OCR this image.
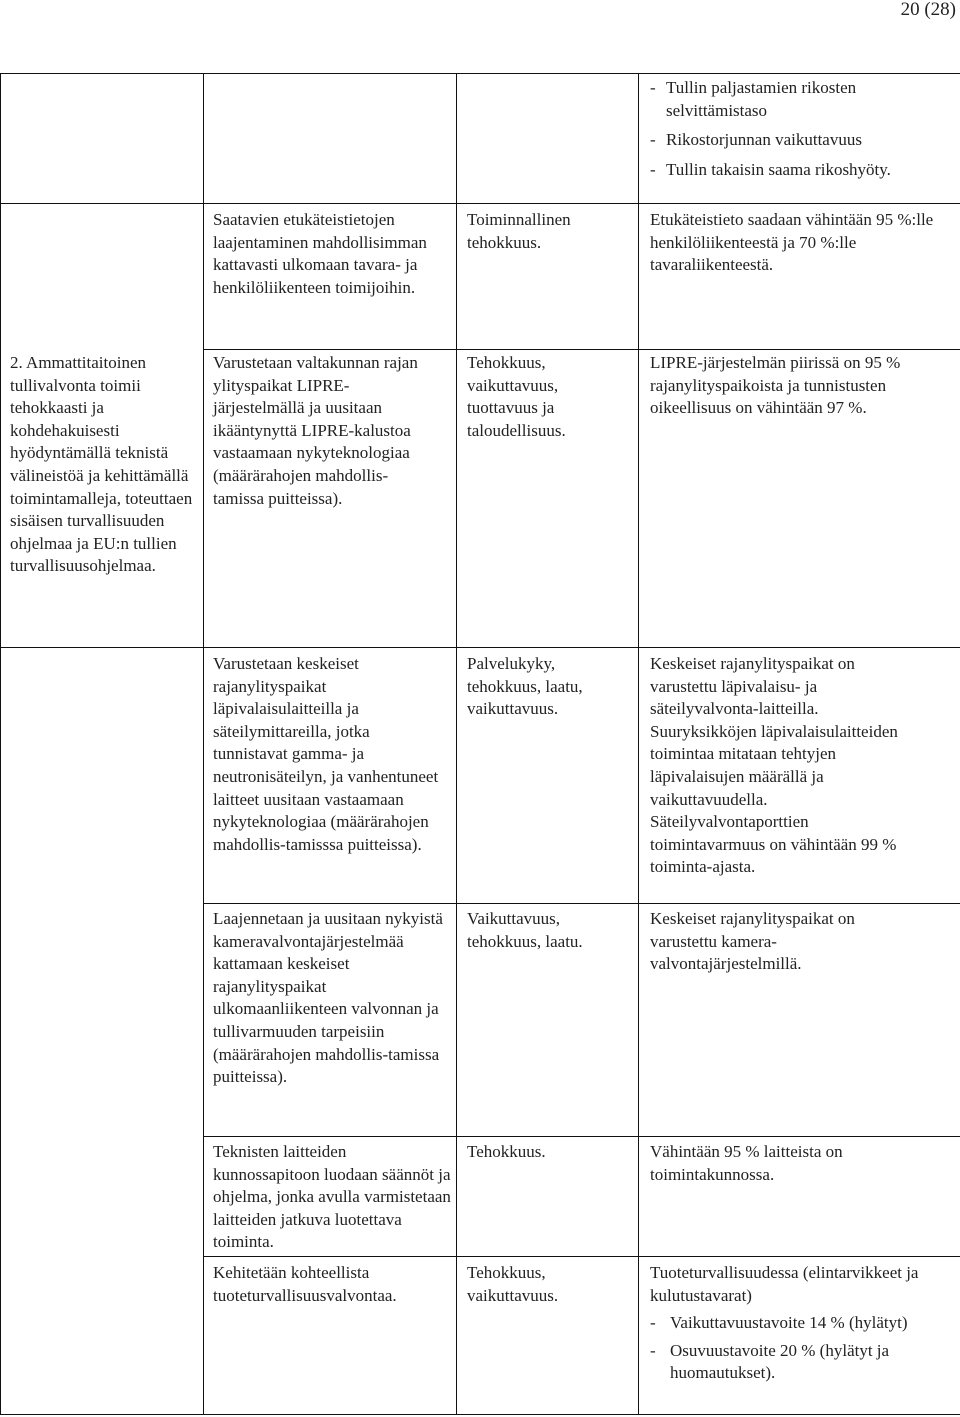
20 (28)
- Tullin paljastamien rikosten selvittämistaso
- Rikostorjunnan vaikuttavuus
- Tullin takaisin saama rikoshyöty.

Saatavien etukäteistietojen laajentaminen mahdollisimman kattavasti ulkomaan tavara- ja henkilöliikenteen toimijoihin.

Toiminnallinen tehokkuus.

Etukäteistieto saadaan vähintään 95 %:lle henkilöliikenteestä ja 70 %:lle tavaraliikenteestä.

2. Ammattitaitoinen tullivalvonta toimii tehokkaasti ja kohdehakuisesti hyödyntämällä teknistä välineistöä ja kehittämällä toimintamalleja, toteuttaen sisäisen turvallisuuden ohjelmaa ja EU:n tullien turvallisuusohjelmaa.

Varustetaan valtakunnan rajan ylityspaikat LIPRE-järjestelmällä ja uusitaan ikääntynyttä LIPRE-kalustoa vastaamaan nykyteknologiaa (määrärahojen mahdollis-tamissa puitteissa).

Tehokkuus, vaikuttavuus, tuottavuus ja taloudellisuus.

LIPRE-järjestelmän piirissä on 95 % rajanylityspaikoista ja tunnistusten oikeellisuus on vähintään 97 %.

Varustetaan keskeiset rajanylityspaikat läpivalaisulaitteilla ja säteilymittareilla, jotka tunnistavat gamma- ja neutronisäteilyn, ja vanhentuneet laitteet uusitaan vastaamaan nykyteknologiaa (määrärahojen mahdollis-tamisssa puitteissa).

Palvelukyky, tehokkuus, laatu, vaikuttavuus.

Keskeiset rajanylityspaikat on varustettu läpivalaisu- ja säteilyvalvonta-laitteilla. Suuryksikköjen läpivalaisulaitteiden toimintaa mitataan tehtyjen läpivalaisujen määrällä ja vaikuttavuudella. Säteilyvalvontaporttien toimintavarmuus on vähintään 99 % toiminta-ajasta.

Laajennetaan ja uusitaan nykyistä kameravalvontajärjestelmää kattamaan keskeiset rajanylityspaikat ulkomaanliikenteen valvonnan ja tullivarmuuden tarpeisiin (määrärahojen mahdollis-tamissa puitteissa).

Vaikuttavuus, tehokkuus, laatu.

Keskeiset rajanylityspaikat on varustettu kamera-valvontajärjestelmillä.

Teknisten laitteiden kunnossapitoon luodaan säännöt ja ohjelma, jonka avulla varmistetaan laitteiden jatkuva luotettava toiminta.

Tehokkuus.	Vähintään 95 % laitteista on toimintakunnossa.

Kehitetään kohteellista tuoteturvallisuusvalvontaa.

Tehokkuus, vaikuttavuus.

Tuoteturvallisuudessa (elintarvikkeet ja kulutustavarat)

- Vaikuttavuustavoite 14 % (hylätyt)
- Osuvuustavoite 20 % (hylätyt ja huomautukset).
